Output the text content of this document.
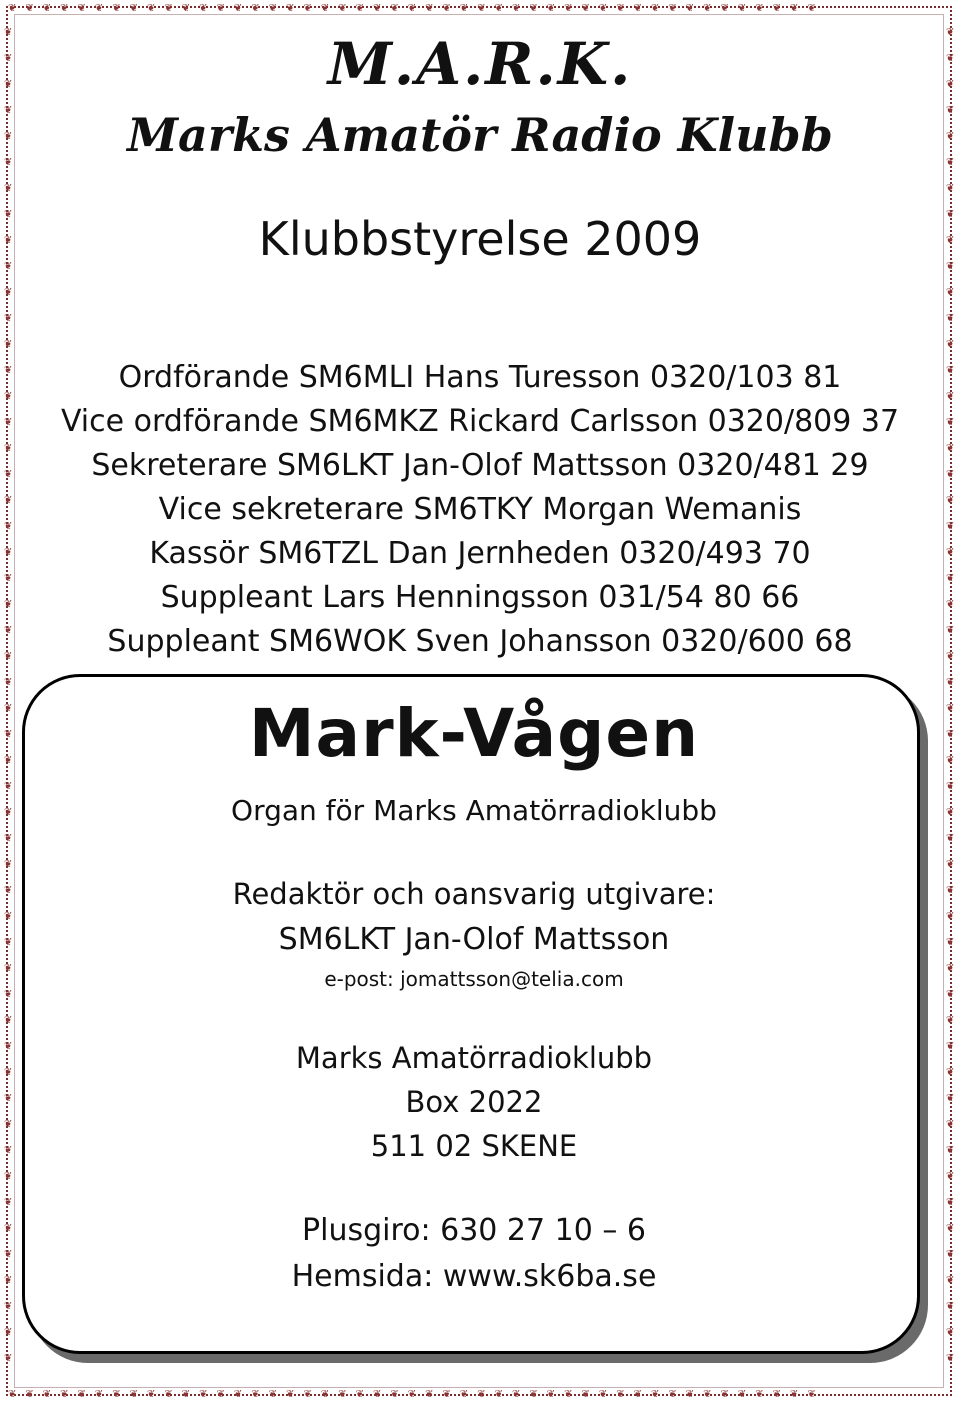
❦❦❦❦❦❦❦❦❦❦❦❦❦❦❦❦❦❦❦❦❦❦❦❦❦❦❦❦❦❦❦❦❦❦❦❦❦❦❦❦❦❦❦❦❦❦❦
❦❦❦❦❦❦❦❦❦❦❦❦❦❦❦❦❦❦❦❦❦❦❦❦❦❦❦❦❦❦❦❦❦❦❦❦❦❦❦❦❦❦❦❦❦❦❦
❦❦❦❦❦❦❦❦❦❦❦❦❦❦❦❦❦❦❦❦❦❦❦❦❦❦❦❦❦❦❦❦❦❦❦❦❦❦❦❦❦❦❦❦❦❦❦❦❦❦❦❦
❦❦❦❦❦❦❦❦❦❦❦❦❦❦❦❦❦❦❦❦❦❦❦❦❦❦❦❦❦❦❦❦❦❦❦❦❦❦❦❦❦❦❦❦❦❦❦❦❦❦❦❦
M.A.R.K.
Marks Amatör Radio Klubb
Klubbstyrelse 2009
Ordförande SM6MLI Hans Turesson 0320/103 81
Vice ordförande SM6MKZ Rickard Carlsson 0320/809 37
Sekreterare SM6LKT Jan-Olof Mattsson 0320/481 29
Vice sekreterare SM6TKY Morgan Wemanis
Kassör SM6TZL Dan Jernheden 0320/493 70
Suppleant Lars Henningsson 031/54 80 66
Suppleant SM6WOK Sven Johansson 0320/600 68
Mark-Vågen
Organ för Marks Amatörradioklubb
Redaktör och oansvarig utgivare:
SM6LKT Jan-Olof Mattsson
e-post: jomattsson@telia.com
Marks Amatörradioklubb
Box 2022
511 02 SKENE
Plusgiro: 630 27 10 – 6
Hemsida: www.sk6ba.se
